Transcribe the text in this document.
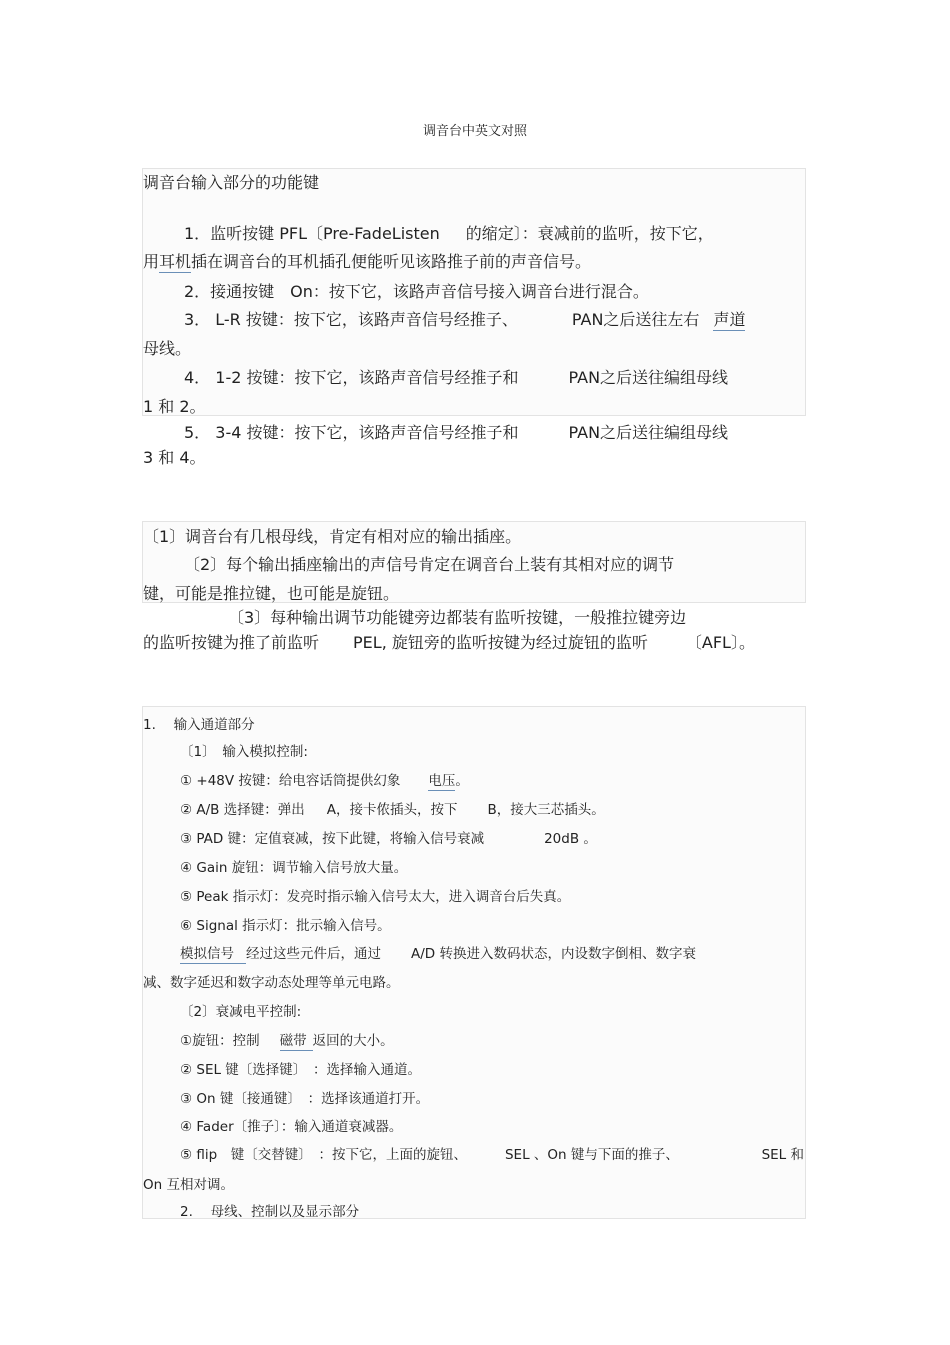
调音台中英文对照
调音台输入部分的功能键
1．监听按键 PFL〔Pre-FadeListen 的缩定〕：衰减前的监听，按下它，
用耳机插在调音台的耳机插孔便能听见该路推子前的声音信号。
2．接通按键　On：按下它，该路声音信号接入调音台进行混合。
3． L-R 按键：按下它，该路声音信号经推子、	PAN之后送往左右 声道
母线。
4． 1-2 按键：按下它，该路声音信号经推子和	PAN之后送往编组母线
1 和 2。
5． 3-4 按键：按下它，该路声音信号经推子和	PAN之后送往编组母线
3 和 4。
〔1〕调音台有几根母线，肯定有相对应的输出插座。
〔2〕每个输出插座输出的声信号肯定在调音台上装有其相对应的调节
键，可能是推拉键，也可能是旋钮。
〔3〕每种输出调节功能键旁边都装有监听按键，一般推拉键旁边
的监听按键为推了前监听 PEL, 旋钮旁的监听按键为经过旋钮的监听 〔AFL〕。
1.　 输入通道部分
〔1〕　输入模拟控制:
① +48V 按键：给电容话筒提供幻象 电压。
② A/B 选择键：弹出 A，接卡侬插头，按下 B，接大三芯插头。
③ PAD 键：定值衰减，按下此键，将输入信号衰减	20dB 。
④ Gain 旋钮：调节输入信号放大量。
⑤ Peak 指示灯：发亮时指示输入信号太大，进入调音台后失真。
⑥ Signal 指示灯：批示输入信号。
模拟信号 经过这些元件后，通过 A/D 转换进入数码状态，内设数字倒相、数字衰
减、数字延迟和数字动态处理等单元电路。
〔2〕衰减电平控制:
①旋钮：控制 磁带 返回的大小。
② SEL 键〔选择键〕　：选择输入通道。
③ On 键〔接通键〕　：选择该通道打开。
④ Fader〔推子〕：输入通道衰减器。
⑤ flip　键〔交替键〕　：按下它，上面的旋钮、	SEL 、On 键与下面的推子、	SEL 和
On 互相对调。
2.　 母线、控制以及显示部分
